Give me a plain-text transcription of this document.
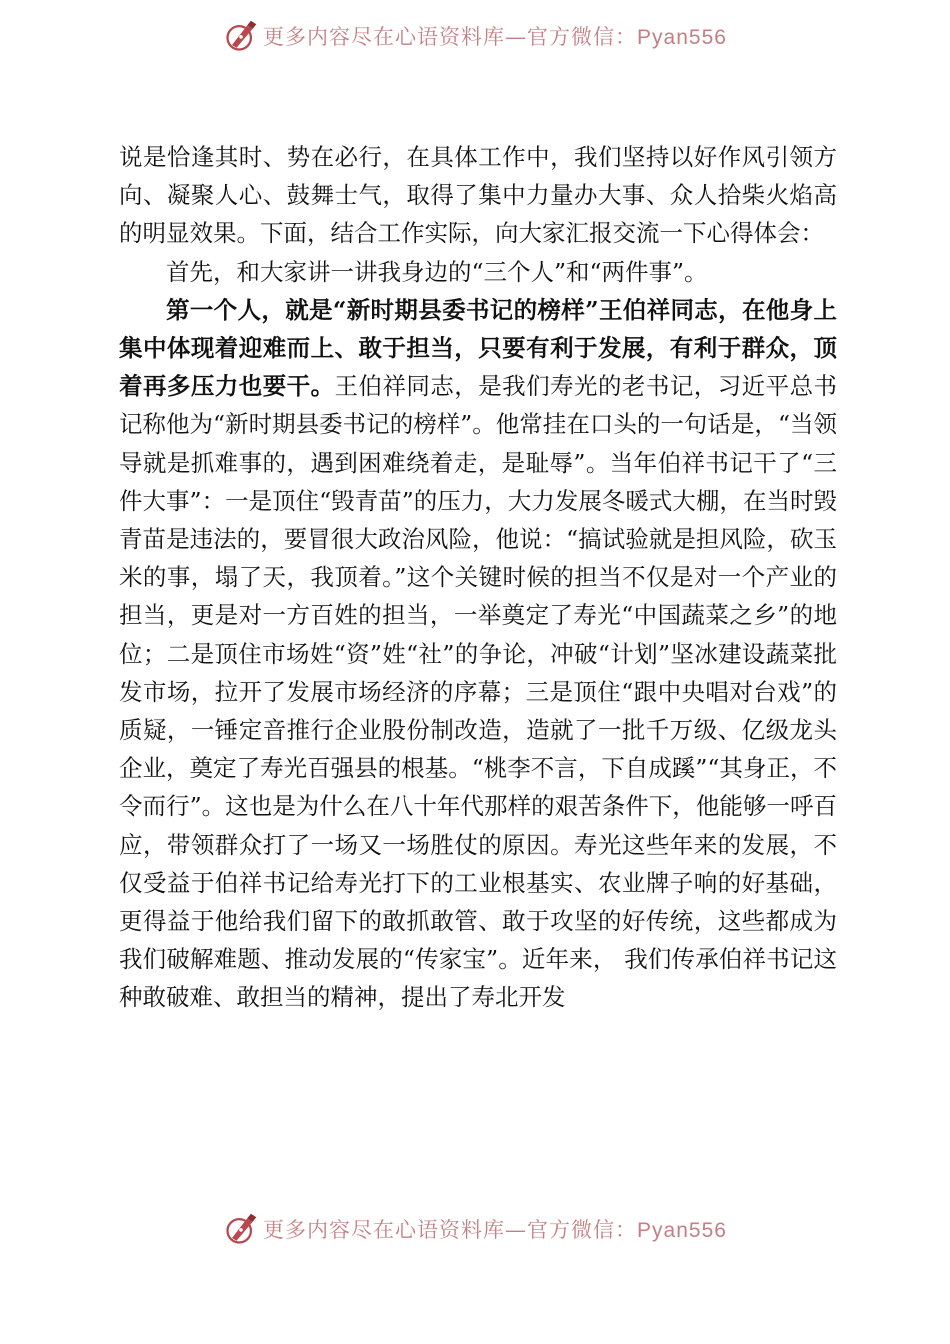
更多内容尽在心语资料库—官方微信：Pyan556

说是恰逢其时、势在必行，在具体工作中，我们坚持以好作风引领方向、凝聚人心、鼓舞士气，取得了集中力量办大事、众人拾柴火焰高的明显效果。下面，结合工作实际，向大家汇报交流一下心得体会：

首先，和大家讲一讲我身边的“三个人”和“两件事”。

第一个人，就是“新时期县委书记的榜样”王伯祥同志，在他身上集中体现着迎难而上、敢于担当，只要有利于发展，有利于群众，顶着再多压力也要干。王伯祥同志，是我们寿光的老书记，习近平总书记称他为“新时期县委书记的榜样”。他常挂在口头的一句话是，“当领导就是抓难事的，遇到困难绕着走，是耻辱”。当年伯祥书记干了“三件大事”：一是顶住“毁青苗”的压力，大力发展冬暖式大棚，在当时毁青苗是违法的，要冒很大政治风险，他说：“搞试验就是担风险，砍玉米的事，塌了天，我顶着。”这个关键时候的担当不仅是对一个产业的担当，更是对一方百姓的担当，一举奠定了寿光“中国蔬菜之乡”的地位；二是顶住市场姓“资”姓“社”的争论，冲破“计划”坚冰建设蔬菜批发市场，拉开了发展市场经济的序幕；三是顶住“跟中央唱对台戏”的质疑，一锤定音推行企业股份制改造，造就了一批千万级、亿级龙头企业，奠定了寿光百强县的根基。“桃李不言，下自成蹊”“其身正，不令而行”。这也是为什么在八十年代那样的艰苦条件下，他能够一呼百应，带领群众打了一场又一场胜仗的原因。寿光这些年来的发展，不仅受益于伯祥书记给寿光打下的工业根基实、农业牌子响的好基础，更得益于他给我们留下的敢抓敢管、敢于攻坚的好传统，这些都成为我们破解难题、推动发展的“传家宝”。近年来， 我们传承伯祥书记这种敢破难、敢担当的精神，提出了寿北开发

更多内容尽在心语资料库—官方微信：Pyan556
